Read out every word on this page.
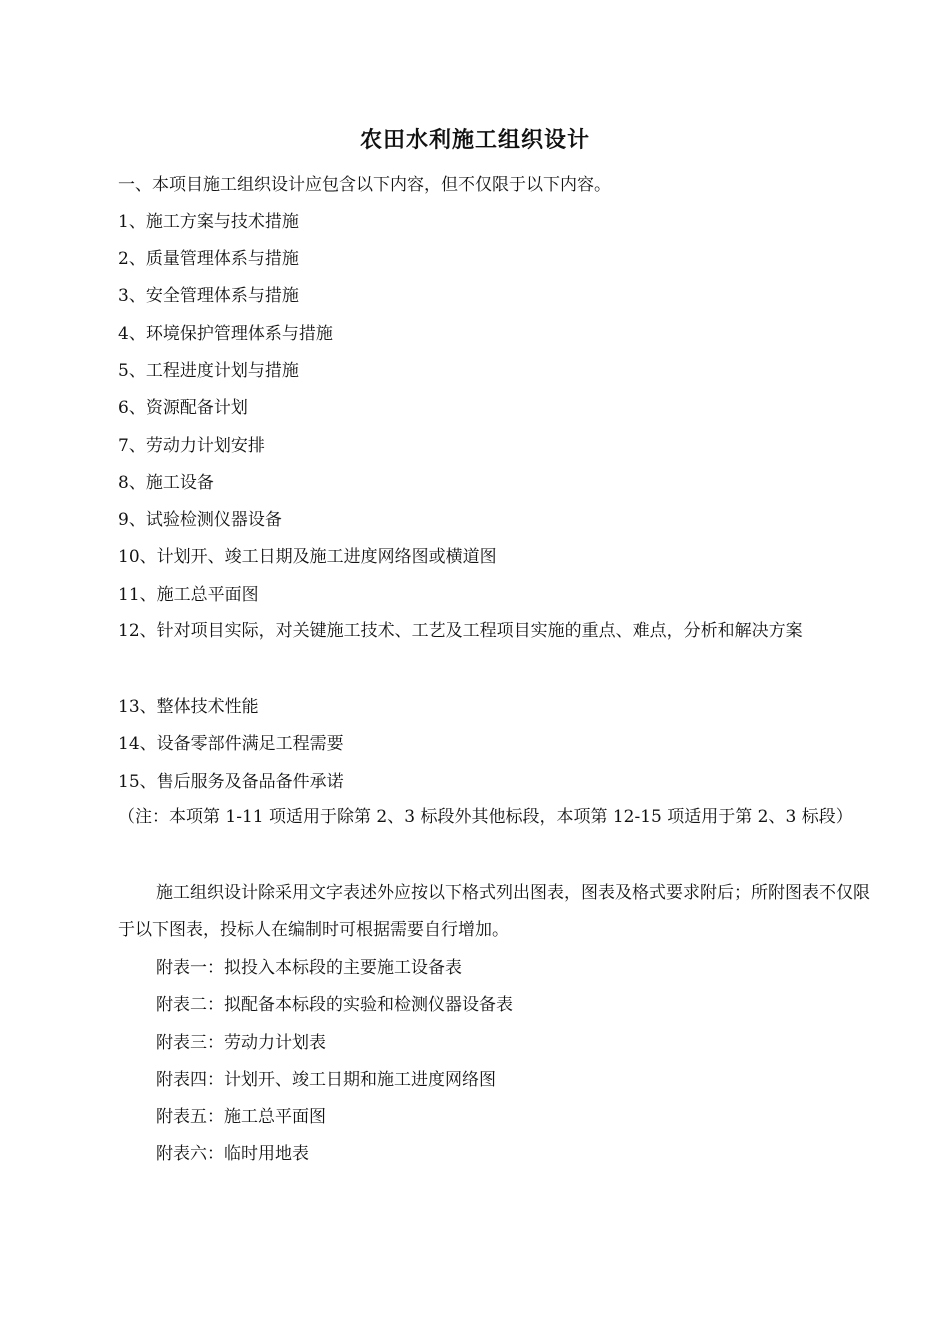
农田水利施工组织设计
一、本项目施工组织设计应包含以下内容，但不仅限于以下内容。
1、施工方案与技术措施
2、质量管理体系与措施
3、安全管理体系与措施
4、环境保护管理体系与措施
5、工程进度计划与措施
6、资源配备计划
7、劳动力计划安排
8、施工设备
9、试验检测仪器设备
10、计划开、竣工日期及施工进度网络图或横道图
11、施工总平面图
12、针对项目实际，对关键施工技术、工艺及工程项目实施的重点、难点，分析和解决方案
13、整体技术性能
14、设备零部件满足工程需要
15、售后服务及备品备件承诺
（注：本项第 1-11 项适用于除第 2、3 标段外其他标段，本项第 12-15 项适用于第 2、3 标段）
施工组织设计除采用文字表述外应按以下格式列出图表，图表及格式要求附后；所附图表不仅限于以下图表，投标人在编制时可根据需要自行增加。
附表一：拟投入本标段的主要施工设备表
附表二：拟配备本标段的实验和检测仪器设备表
附表三：劳动力计划表
附表四：计划开、竣工日期和施工进度网络图
附表五：施工总平面图
附表六：临时用地表
